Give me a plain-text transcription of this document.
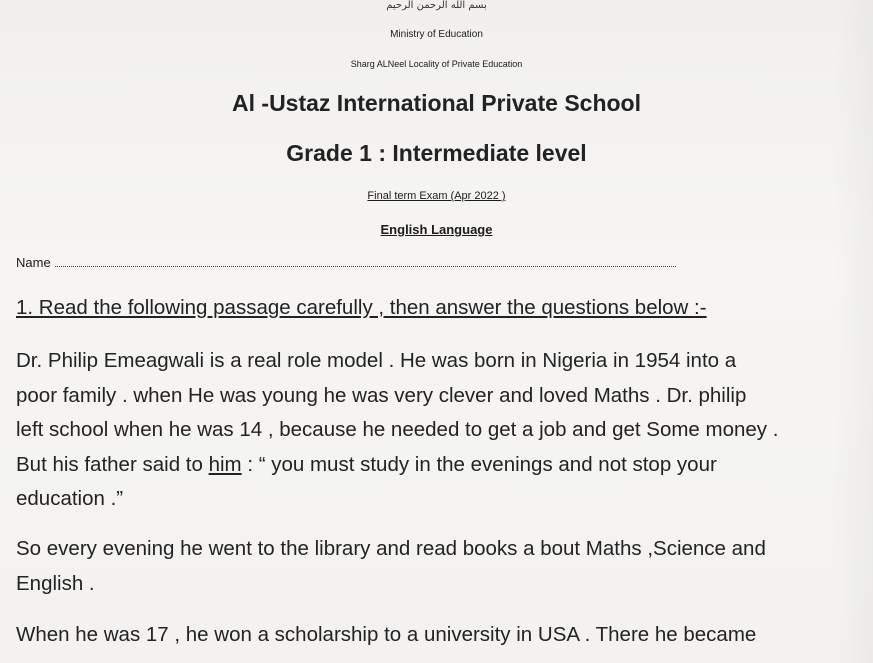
بسم الله الرحمن الرحيم
Ministry of Education
Sharg ALNeel Locality of Private Education
Al -Ustaz International Private School
Grade 1 : Intermediate level
Final term Exam (Apr 2022 )
English Language
Name
1. Read the following passage carefully , then answer the questions below :-
Dr. Philip Emeagwali is a real role model . He was born in Nigeria in 1954 into a
poor family . when He was young he was very clever and loved Maths . Dr. philip
left school when he was 14 , because he needed to get a job and get Some money .
But his father said to him : “ you must study in the evenings and not stop your
education .”
So every evening he went to the library and read books a bout Maths ,Science and
English .
When he was 17 , he won a scholarship to a university in USA . There he became
